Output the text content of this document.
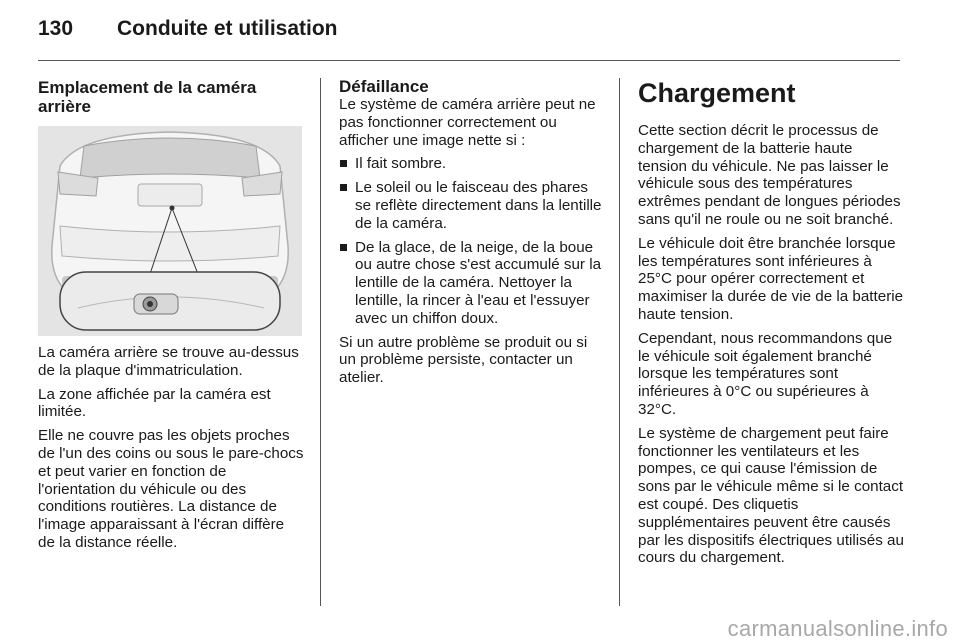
130 Conduite et utilisation
Emplacement de la caméra arrière

La caméra arrière se trouve au-dessus de la plaque d'immatriculation.

La zone affichée par la caméra est limitée.

Elle ne couvre pas les objets proches de l'un des coins ou sous le pare-chocs et peut varier en fonction de l'orientation du véhicule ou des conditions routières. La distance de l'image apparaissant à l'écran diffère de la distance réelle.

Défaillance

Le système de caméra arrière peut ne pas fonctionner correctement ou afficher une image nette si :

Il fait sombre.
Le soleil ou le faisceau des phares se reflète directement dans la lentille de la caméra.
De la glace, de la neige, de la boue ou autre chose s'est accumulé sur la lentille de la caméra. Nettoyer la lentille, la rincer à l'eau et l'essuyer avec un chiffon doux.

Si un autre problème se produit ou si un problème persiste, contacter un atelier.

Chargement

Cette section décrit le processus de chargement de la batterie haute tension du véhicule. Ne pas laisser le véhicule sous des températures extrêmes pendant de longues périodes sans qu'il ne roule ou ne soit branché.

Le véhicule doit être branchée lorsque les températures sont inférieures à 25°C pour opérer correctement et maximiser la durée de vie de la batterie haute tension.

Cependant, nous recommandons que le véhicule soit également branché lorsque les températures sont inférieures à 0°C ou supérieures à 32°C.

Le système de chargement peut faire fonctionner les ventilateurs et les pompes, ce qui cause l'émission de sons par le véhicule même si le contact est coupé. Des cliquetis supplémentaires peuvent être causés par les dispositifs électriques utilisés au cours du chargement.

carmanualsonline.info
